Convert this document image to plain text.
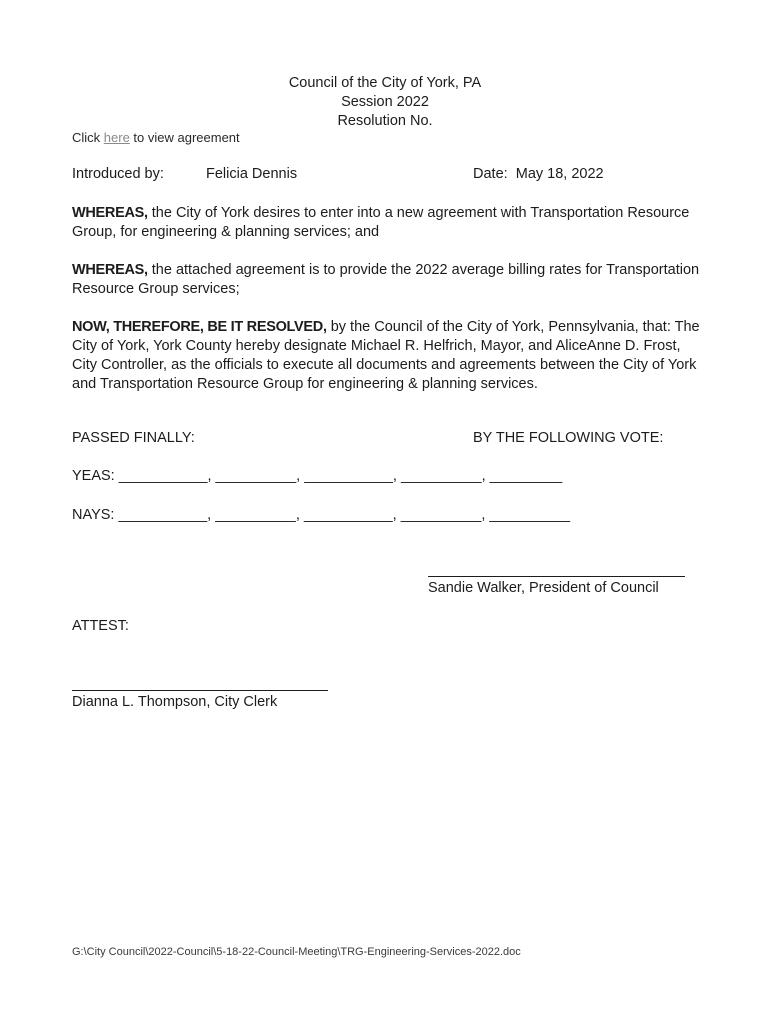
Council of the City of York, PA
Session 2022
Resolution No.
Click here to view agreement
Introduced by:	Felicia Dennis	Date: May 18, 2022
WHEREAS, the City of York desires to enter into a new agreement with Transportation Resource Group, for engineering & planning services; and
WHEREAS, the attached agreement is to provide the 2022 average billing rates for Transportation Resource Group services;
NOW, THEREFORE, BE IT RESOLVED, by the Council of the City of York, Pennsylvania, that: The City of York, York County hereby designate Michael R. Helfrich, Mayor, and AliceAnne D. Frost, City Controller, as the officials to execute all documents and agreements between the City of York and Transportation Resource Group for engineering & planning services.
PASSED FINALLY:	BY THE FOLLOWING VOTE:
YEAS: ___________, __________, ___________, __________, _________
NAYS: ___________, __________, ___________, __________, __________
Sandie Walker, President of Council
ATTEST:
Dianna L. Thompson, City Clerk
G:\City Council\2022-Council\5-18-22-Council-Meeting\TRG-Engineering-Services-2022.doc
